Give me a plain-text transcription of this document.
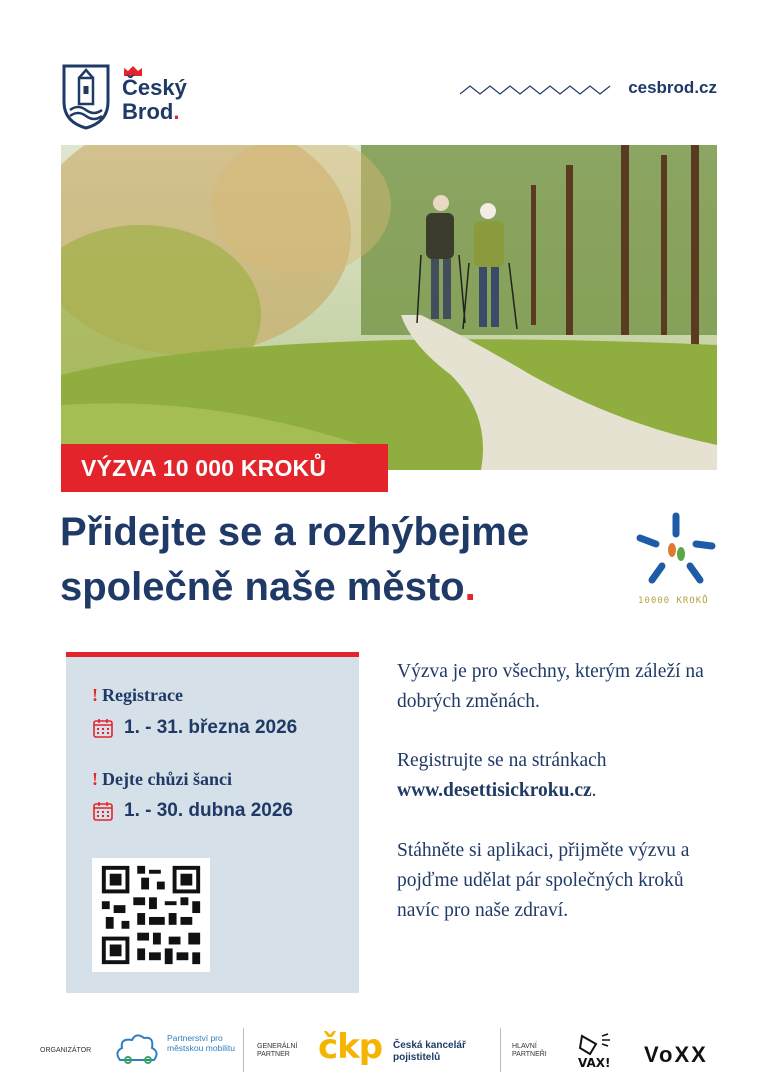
Český
Brod.
cesbrod.cz
VÝZVA 10 000 KROKŮ
Přidejte se a rozhýbejme
společně naše město.	10000 KROKŮ
! Registrace
1. - 31. března 2026
! Dejte chůzi šanci
1. - 30. dubna 2026
Výzva je pro všechny, kterým záleží na dobrých změnách.
Registrujte se na stránkach
www.desettisickroku.cz.
Stáhněte si aplikaci, přijměte výzvu a pojďme udělat pár společných kroků navíc pro naše zdraví.
ORGANIZÁTOR
Partnerství pro městskou mobilitu	GENERÁLNÍ PARTNER čkp Česká kancelář pojistitelů
HLAVNÍ PARTNEŘI
VAX! VoXX
